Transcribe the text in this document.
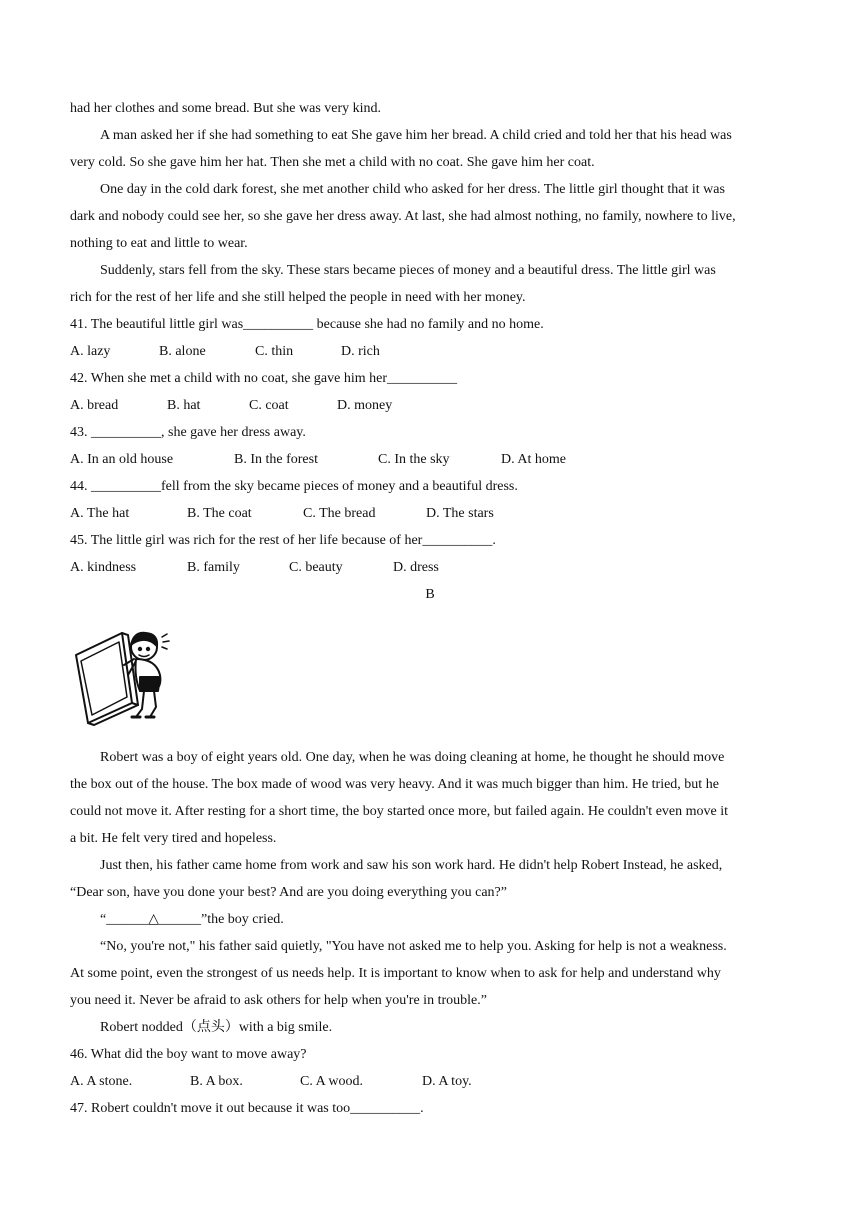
had her clothes and some bread. But she was very kind.
A man asked her if she had something to eat She gave him her bread. A child cried and told her that his head was
very cold. So she gave him her hat. Then she met a child with no coat. She gave him her coat.
One day in the cold dark forest, she met another child who asked for her dress. The little girl thought that it was
dark and nobody could see her, so she gave her dress away. At last, she had almost nothing, no family, nowhere to live,
nothing to eat and little to wear.
Suddenly, stars fell from the sky. These stars became pieces of money and a beautiful dress. The little girl was
rich for the rest of her life and she still helped the people in need with her money.
41. The beautiful little girl was__________ because she had no family and no home.
A. lazy	B. alone	C. thin	D. rich
42. When she met a child with no coat, she gave him her__________
A. bread	B. hat	C. coat	D. money
43. __________, she gave her dress away.
A. In an old house	B. In the forest	C. In the sky	D. At home
44. __________fell from the sky became pieces of money and a beautiful dress.
A. The hat	B. The coat	C. The bread	D. The stars
45. The little girl was rich for the rest of her life because of her__________.
A. kindness	B. family	C. beauty	D. dress
B
Robert was a boy of eight years old. One day, when he was doing cleaning at home, he thought he should move
the box out of the house. The box made of wood was very heavy. And it was much bigger than him. He tried, but he
could not move it. After resting for a short time, the boy started once more, but failed again. He couldn't even move it
a bit. He felt very tired and hopeless.
Just then, his father came home from work and saw his son work hard. He didn't help Robert Instead, he asked,
“Dear son, have you done your best? And are you doing everything you can?”
“______△______”the boy cried.
“No, you're not," his father said quietly, "You have not asked me to help you. Asking for help is not a weakness.
At some point, even the strongest of us needs help. It is important to know when to ask for help and understand why
you need it. Never be afraid to ask others for help when you're in trouble.”
Robert nodded（点头）with a big smile.
46. What did the boy want to move away?
A. A stone.	B. A box.	C. A wood.	D. A toy.
47. Robert couldn't move it out because it was too__________.
